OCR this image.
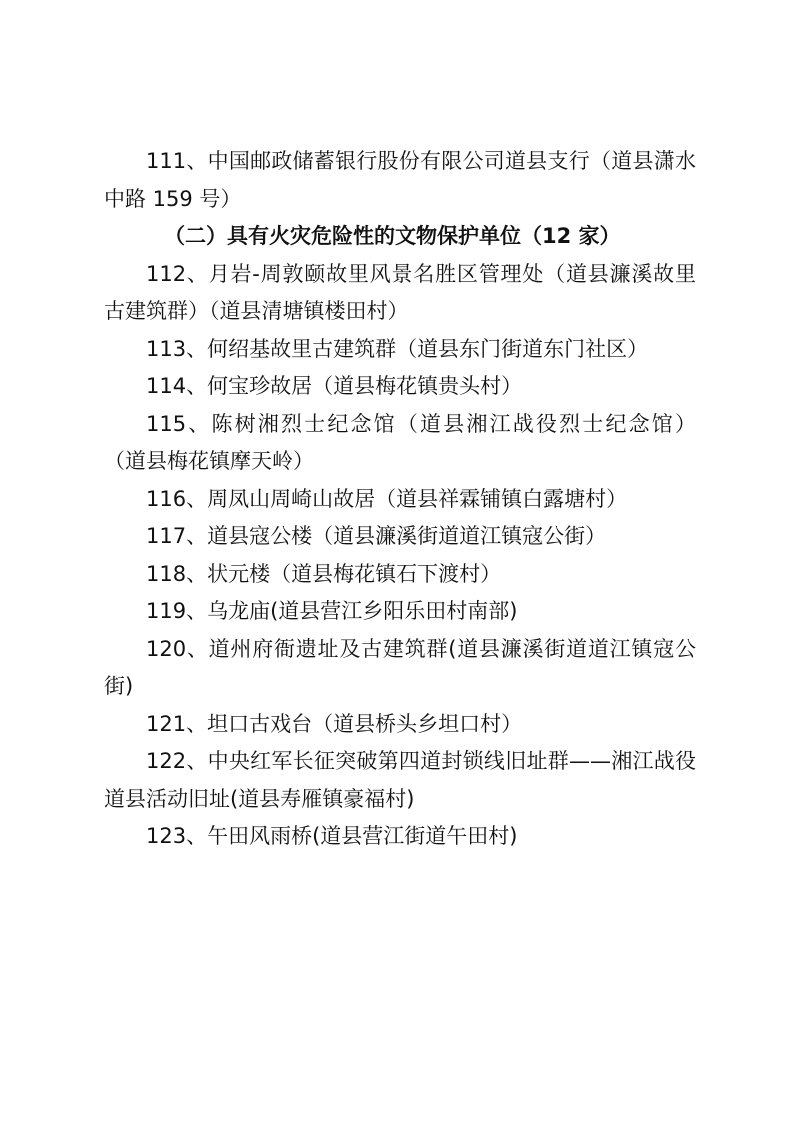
111、中国邮政储蓄银行股份有限公司道县支行（道县潇水中路 159 号）

（二）具有火灾危险性的文物保护单位（12 家）

112、月岩-周敦颐故里风景名胜区管理处（道县濂溪故里古建筑群）（道县清塘镇楼田村）

113、何绍基故里古建筑群（道县东门街道东门社区）

114、何宝珍故居（道县梅花镇贵头村）

115、陈树湘烈士纪念馆（道县湘江战役烈士纪念馆） （道县梅花镇摩天岭）

116、周凤山周崎山故居（道县祥霖铺镇白露塘村）

117、道县寇公楼（道县濂溪街道道江镇寇公街）

118、状元楼（道县梅花镇石下渡村）

119、乌龙庙(道县营江乡阳乐田村南部)

120、道州府衙遗址及古建筑群(道县濂溪街道道江镇寇公街)

121、坦口古戏台（道县桥头乡坦口村）

122、中央红军长征突破第四道封锁线旧址群——湘江战役道县活动旧址(道县寿雁镇豪福村)

123、午田风雨桥(道县营江街道午田村)
